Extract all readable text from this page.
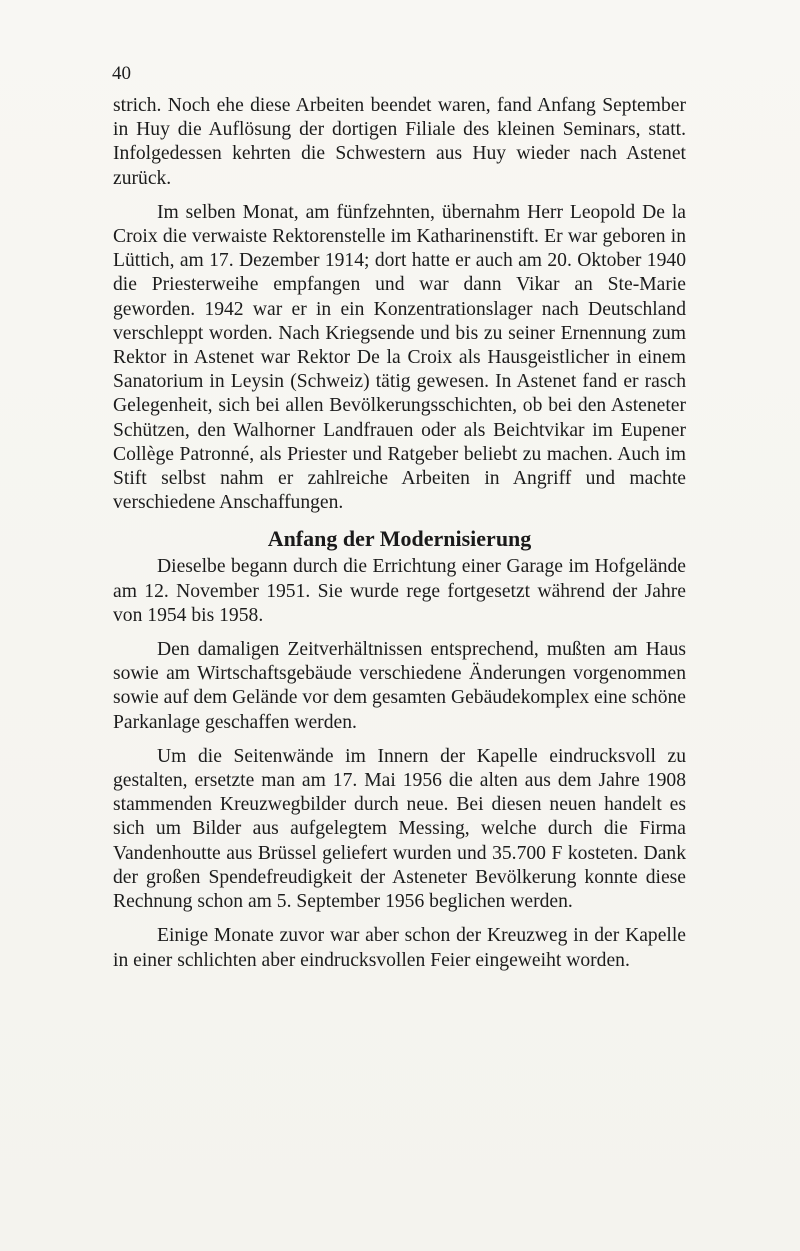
40

strich. Noch ehe diese Arbeiten beendet waren, fand Anfang September in Huy die Auflösung der dortigen Filiale des kleinen Seminars, statt. Infolgedessen kehrten die Schwestern aus Huy wieder nach Astenet zurück.

Im selben Monat, am fünfzehnten, übernahm Herr Leopold De la Croix die verwaiste Rektorenstelle im Katharinenstift. Er war geboren in Lüttich, am 17. Dezember 1914; dort hatte er auch am 20. Oktober 1940 die Priesterweihe empfangen und war dann Vikar an Ste-Marie geworden. 1942 war er in ein Konzentrationslager nach Deutschland verschleppt worden. Nach Kriegsende und bis zu seiner Ernennung zum Rektor in Astenet war Rektor De la Croix als Hausgeistlicher in einem Sanatorium in Leysin (Schweiz) tätig gewesen. In Astenet fand er rasch Gelegenheit, sich bei allen Bevölkerungsschichten, ob bei den Asteneter Schützen, den Walhorner Landfrauen oder als Beichtvikar im Eupener Collège Patronné, als Priester und Ratgeber beliebt zu machen. Auch im Stift selbst nahm er zahlreiche Arbeiten in Angriff und machte verschiedene Anschaffungen.

Anfang der Modernisierung

Dieselbe begann durch die Errichtung einer Garage im Hofgelände am 12. November 1951. Sie wurde rege fortgesetzt während der Jahre von 1954 bis 1958.

Den damaligen Zeitverhältnissen entsprechend, mußten am Haus sowie am Wirtschaftsgebäude verschiedene Änderungen vorgenommen sowie auf dem Gelände vor dem gesamten Gebäudekomplex eine schöne Parkanlage geschaffen werden.

Um die Seitenwände im Innern der Kapelle eindrucksvoll zu gestalten, ersetzte man am 17. Mai 1956 die alten aus dem Jahre 1908 stammenden Kreuzwegbilder durch neue. Bei diesen neuen handelt es sich um Bilder aus aufgelegtem Messing, welche durch die Firma Vandenhoutte aus Brüssel geliefert wurden und 35.700 F kosteten. Dank der großen Spendefreudigkeit der Asteneter Bevölkerung konnte diese Rechnung schon am 5. September 1956 beglichen werden.

Einige Monate zuvor war aber schon der Kreuzweg in der Kapelle in einer schlichten aber eindrucksvollen Feier eingeweiht worden.
